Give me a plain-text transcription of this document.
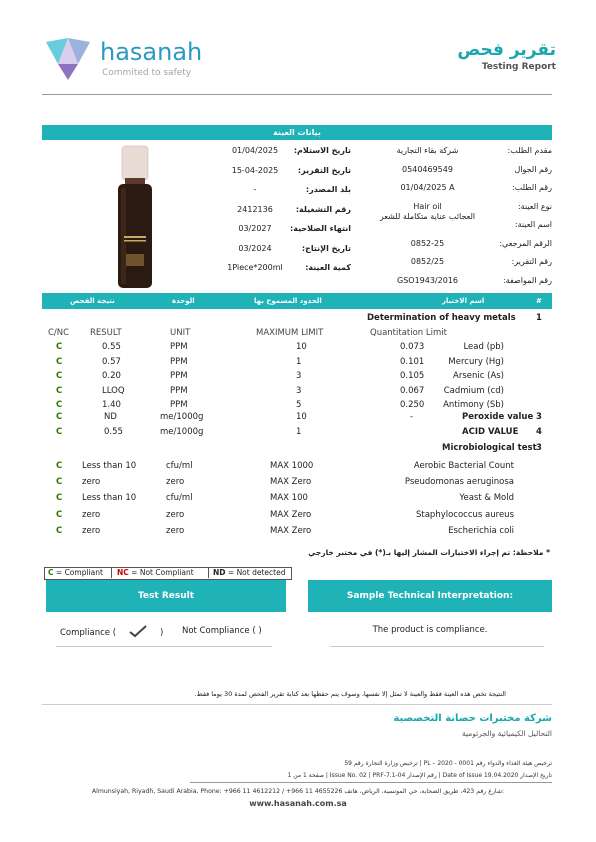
hasanah
Commited to safety
تقرير فحص
Testing Report
بيانات العينة
01/04/2025	تاريخ الاستلام:
15-04-2025	تاريخ التقرير:
-	بلد المصدر:
2412136	رقم التشغيلة:
03/2027	انتهاء الصلاحية:
03/2024	تاريخ الإنتاج:
1Piece*200ml	كمية العينة:
شركة بقاء التجارية	مقدم الطلب:
0540469549	رقم الجوال
01/04/2025 A	رقم الطلب:
Hair oil	نوع العينة:
العجائب عناية متكاملة للشعر
اسم العينة:
0852-25	الرقم المرجعي:
0852/25	رقم التقرير:
GSO1943/2016	رقم المواصفة:
نتيجة الفحص	الوحدة	الحدود المسموح بها	اسم الاختبار	#
Determination of heavy metals 1
C/NC RESULT	UNIT	MAXIMUM LIMIT	Quantitation Limit
C	0.55	PPM	10	0.073	Lead (pb)
C	0.57	PPM	1	0.101	Mercury (Hg)
C	0.20	PPM	3	0.105	Arsenic (As)
C	LLOQ	PPM	3	0.067 Cadmium (cd)
C	1.40	PPM	5	0.250 Antimony (Sb)
C	ND	me/1000g	10	-	Peroxide value 3
C	0.55	me/1000g	1	ACID VALUE 4
Microbiological test 3
C Less than 10	cfu/ml	MAX 1000	Aerobic Bacterial Count
C zero	zero	MAX Zero	Pseudomonas aeruginosa
C Less than 10	cfu/ml	MAX 100	Yeast & Mold
C zero	zero	MAX Zero	Staphylococcus aureus
C zero	zero	MAX Zero	Escherichia coli
* ملاحظة: تم إجراء الاختبارات المشار إليها بـ(*) في مختبر خارجي
C = Compliant NC = Not Compliant	ND = Not detected
Test Result
Compliance (	) Not Compliance ( )
Sample Technical Interpretation:
The product is compliance.
النتيجة تخص هذه العينة فقط والعينة لا تمثل إلا نفسها، وسوف يتم حفظها بعد كتابة تقرير الفحص لمدة 30 يوما فقط.
شركة مختبرات حصانة التخصصية
التحاليل الكيميائية والجرثومية
ترخيص هيئة الغذاء والدواء رقم PL – 2020 - 0001 | ترخيص وزارة التجارة رقم 59
تاريخ الإصدار Date of Issue 19.04.2020 | رقم الإصدار Issue No. 02 | PRF-7.1-04 | صفحة 1 من 1
Almunsiyah, Riyadh, Saudi Arabia, Phone: +966 11 4612212 / +966 11 4655226 شارع رقم 423، طريق الصحابة، حي المونسية، الرياض، هاتف:
www.hasanah.com.sa
